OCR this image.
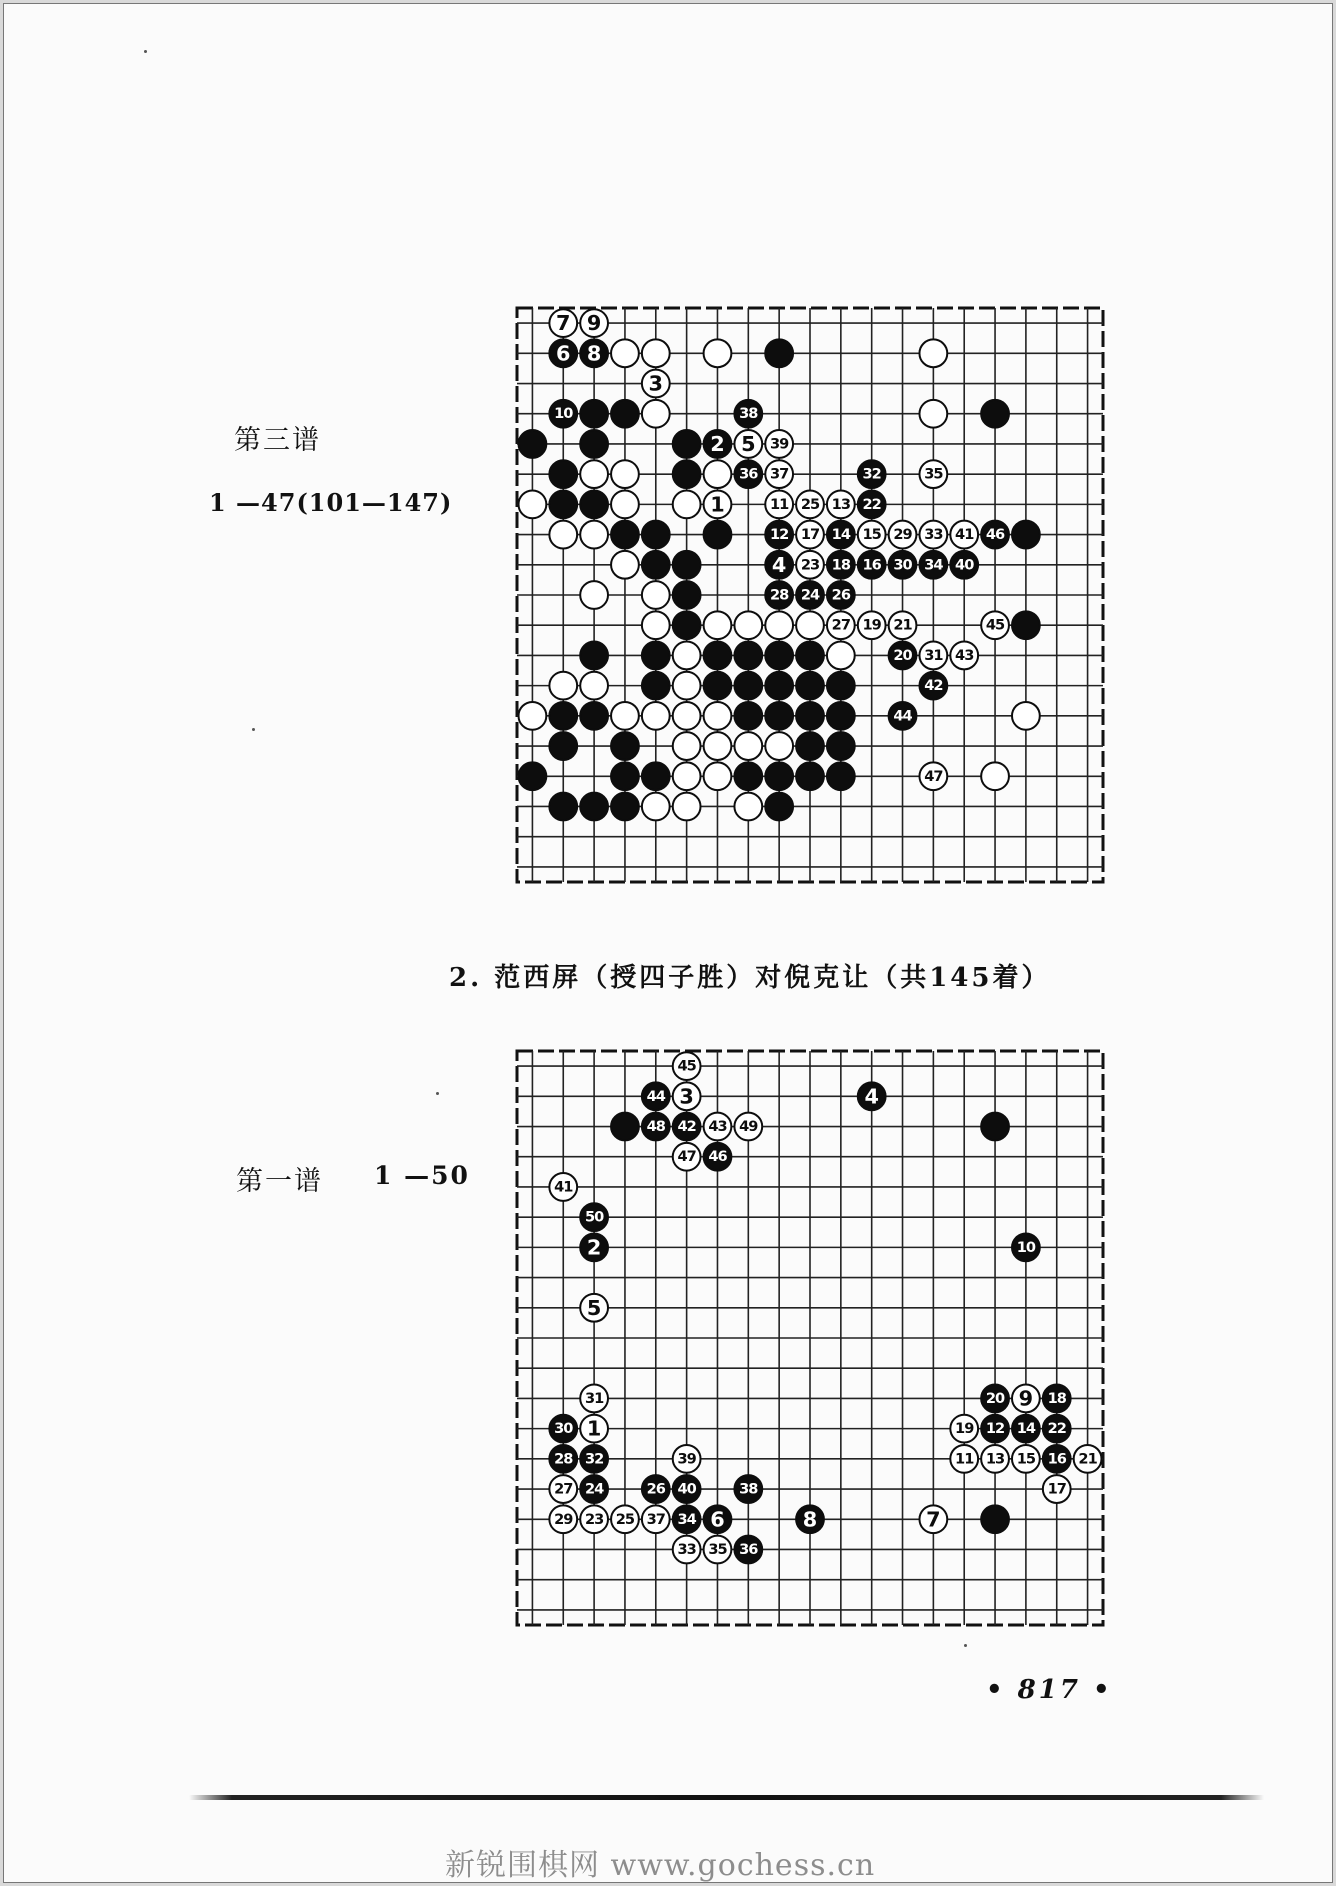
第三谱
1 —47(101—147)
7 9
6 8
3
10	38
2 5 39
36 37	32	35
1	11 25 13 22
12 17 14 15 29 33 41 46
4 23 18 16 30 34 40
28 24 26
27 19 21	45
20 31 43
42
44
47
2. 范西屏（授四子胜）对倪克让（共145着）
第一谱 1 —50
45
44 3	4
48 42 43 49
47 46
41
50
2	10
5
31	20 9 18
30 1	19 12 14 22
28 32	39	11 13 15 16 21
27 24	26 40	38	17
29 23 25 37 34 6	8	7
33 35 36
• 817 •
新锐围棋网 www.gochess.cn
